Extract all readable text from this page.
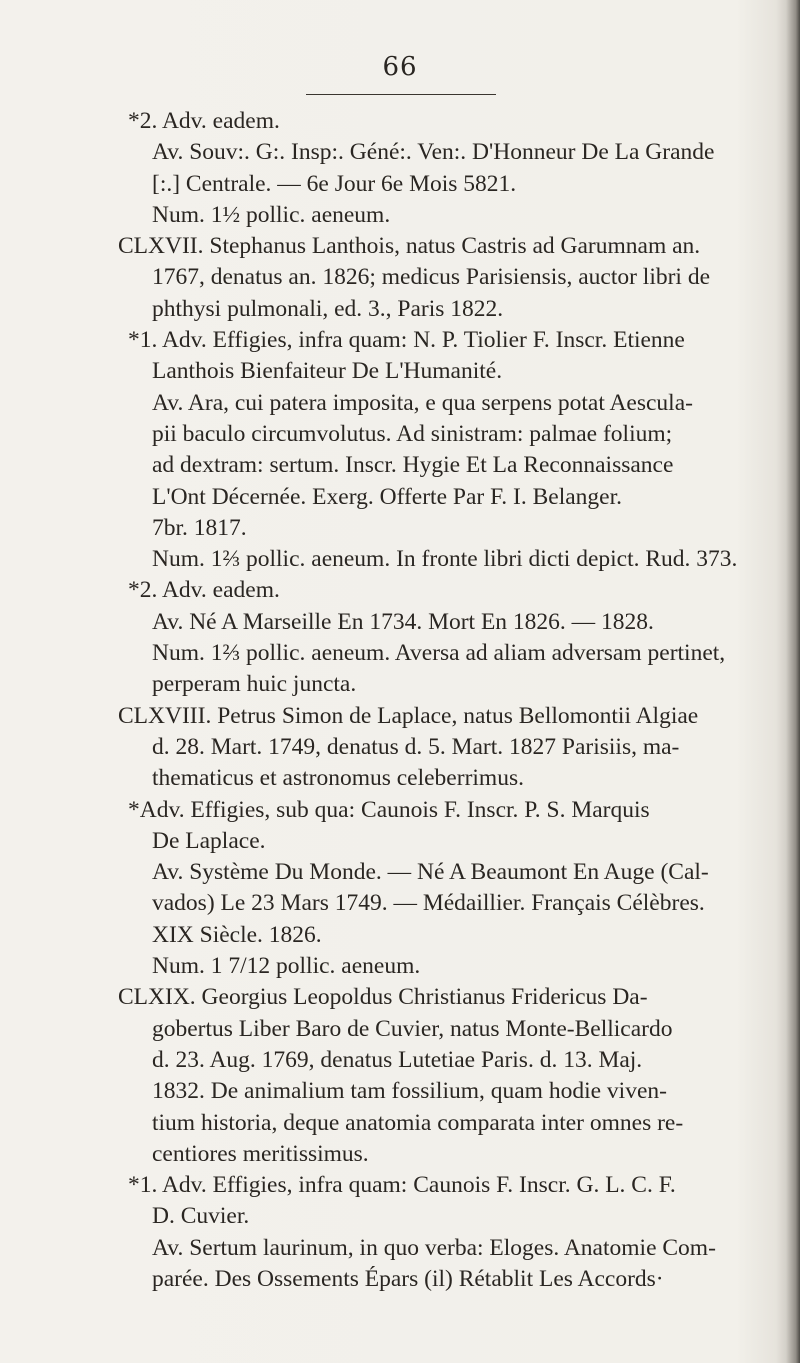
66
*2. Adv. eadem.
Av. Souv:. G:. Insp:. Géné:. Ven:. D'Honneur De La Grande
[:.] Centrale. — 6e Jour 6e Mois 5821.
Num. 1½ pollic. aeneum.
CLXVII. Stephanus Lanthois, natus Castris ad Garumnam an.
1767, denatus an. 1826; medicus Parisiensis, auctor libri de
phthysi pulmonali, ed. 3., Paris 1822.
*1. Adv. Effigies, infra quam: N. P. Tiolier F. Inscr. Etienne
Lanthois Bienfaiteur De L'Humanité.
Av. Ara, cui patera imposita, e qua serpens potat Aescula-
pii baculo circumvolutus. Ad sinistram: palmae folium;
ad dextram: sertum. Inscr. Hygie Et La Reconnaissance
L'Ont Décernée. Exerg. Offerte Par F. I. Belanger.
7br. 1817.
Num. 1⅔ pollic. aeneum. In fronte libri dicti depict. Rud. 373.
*2. Adv. eadem.
Av. Né A Marseille En 1734. Mort En 1826. — 1828.
Num. 1⅔ pollic. aeneum. Aversa ad aliam adversam pertinet,
perperam huic juncta.
CLXVIII. Petrus Simon de Laplace, natus Bellomontii Algiae
d. 28. Mart. 1749, denatus d. 5. Mart. 1827 Parisiis, ma-
thematicus et astronomus celeberrimus.
*Adv. Effigies, sub qua: Caunois F. Inscr. P. S. Marquis
De Laplace.
Av. Système Du Monde. — Né A Beaumont En Auge (Cal-
vados) Le 23 Mars 1749. — Médaillier. Français Célèbres.
XIX Siècle. 1826.
Num. 1 7/12 pollic. aeneum.
CLXIX. Georgius Leopoldus Christianus Fridericus Da-
gobertus Liber Baro de Cuvier, natus Monte-Bellicardo
d. 23. Aug. 1769, denatus Lutetiae Paris. d. 13. Maj.
1832. De animalium tam fossilium, quam hodie viven-
tium historia, deque anatomia comparata inter omnes re-
centiores meritissimus.
*1. Adv. Effigies, infra quam: Caunois F. Inscr. G. L. C. F.
D. Cuvier.
Av. Sertum laurinum, in quo verba: Eloges. Anatomie Com-
parée. Des Ossements Épars (il) Rétablit Les Accords·
